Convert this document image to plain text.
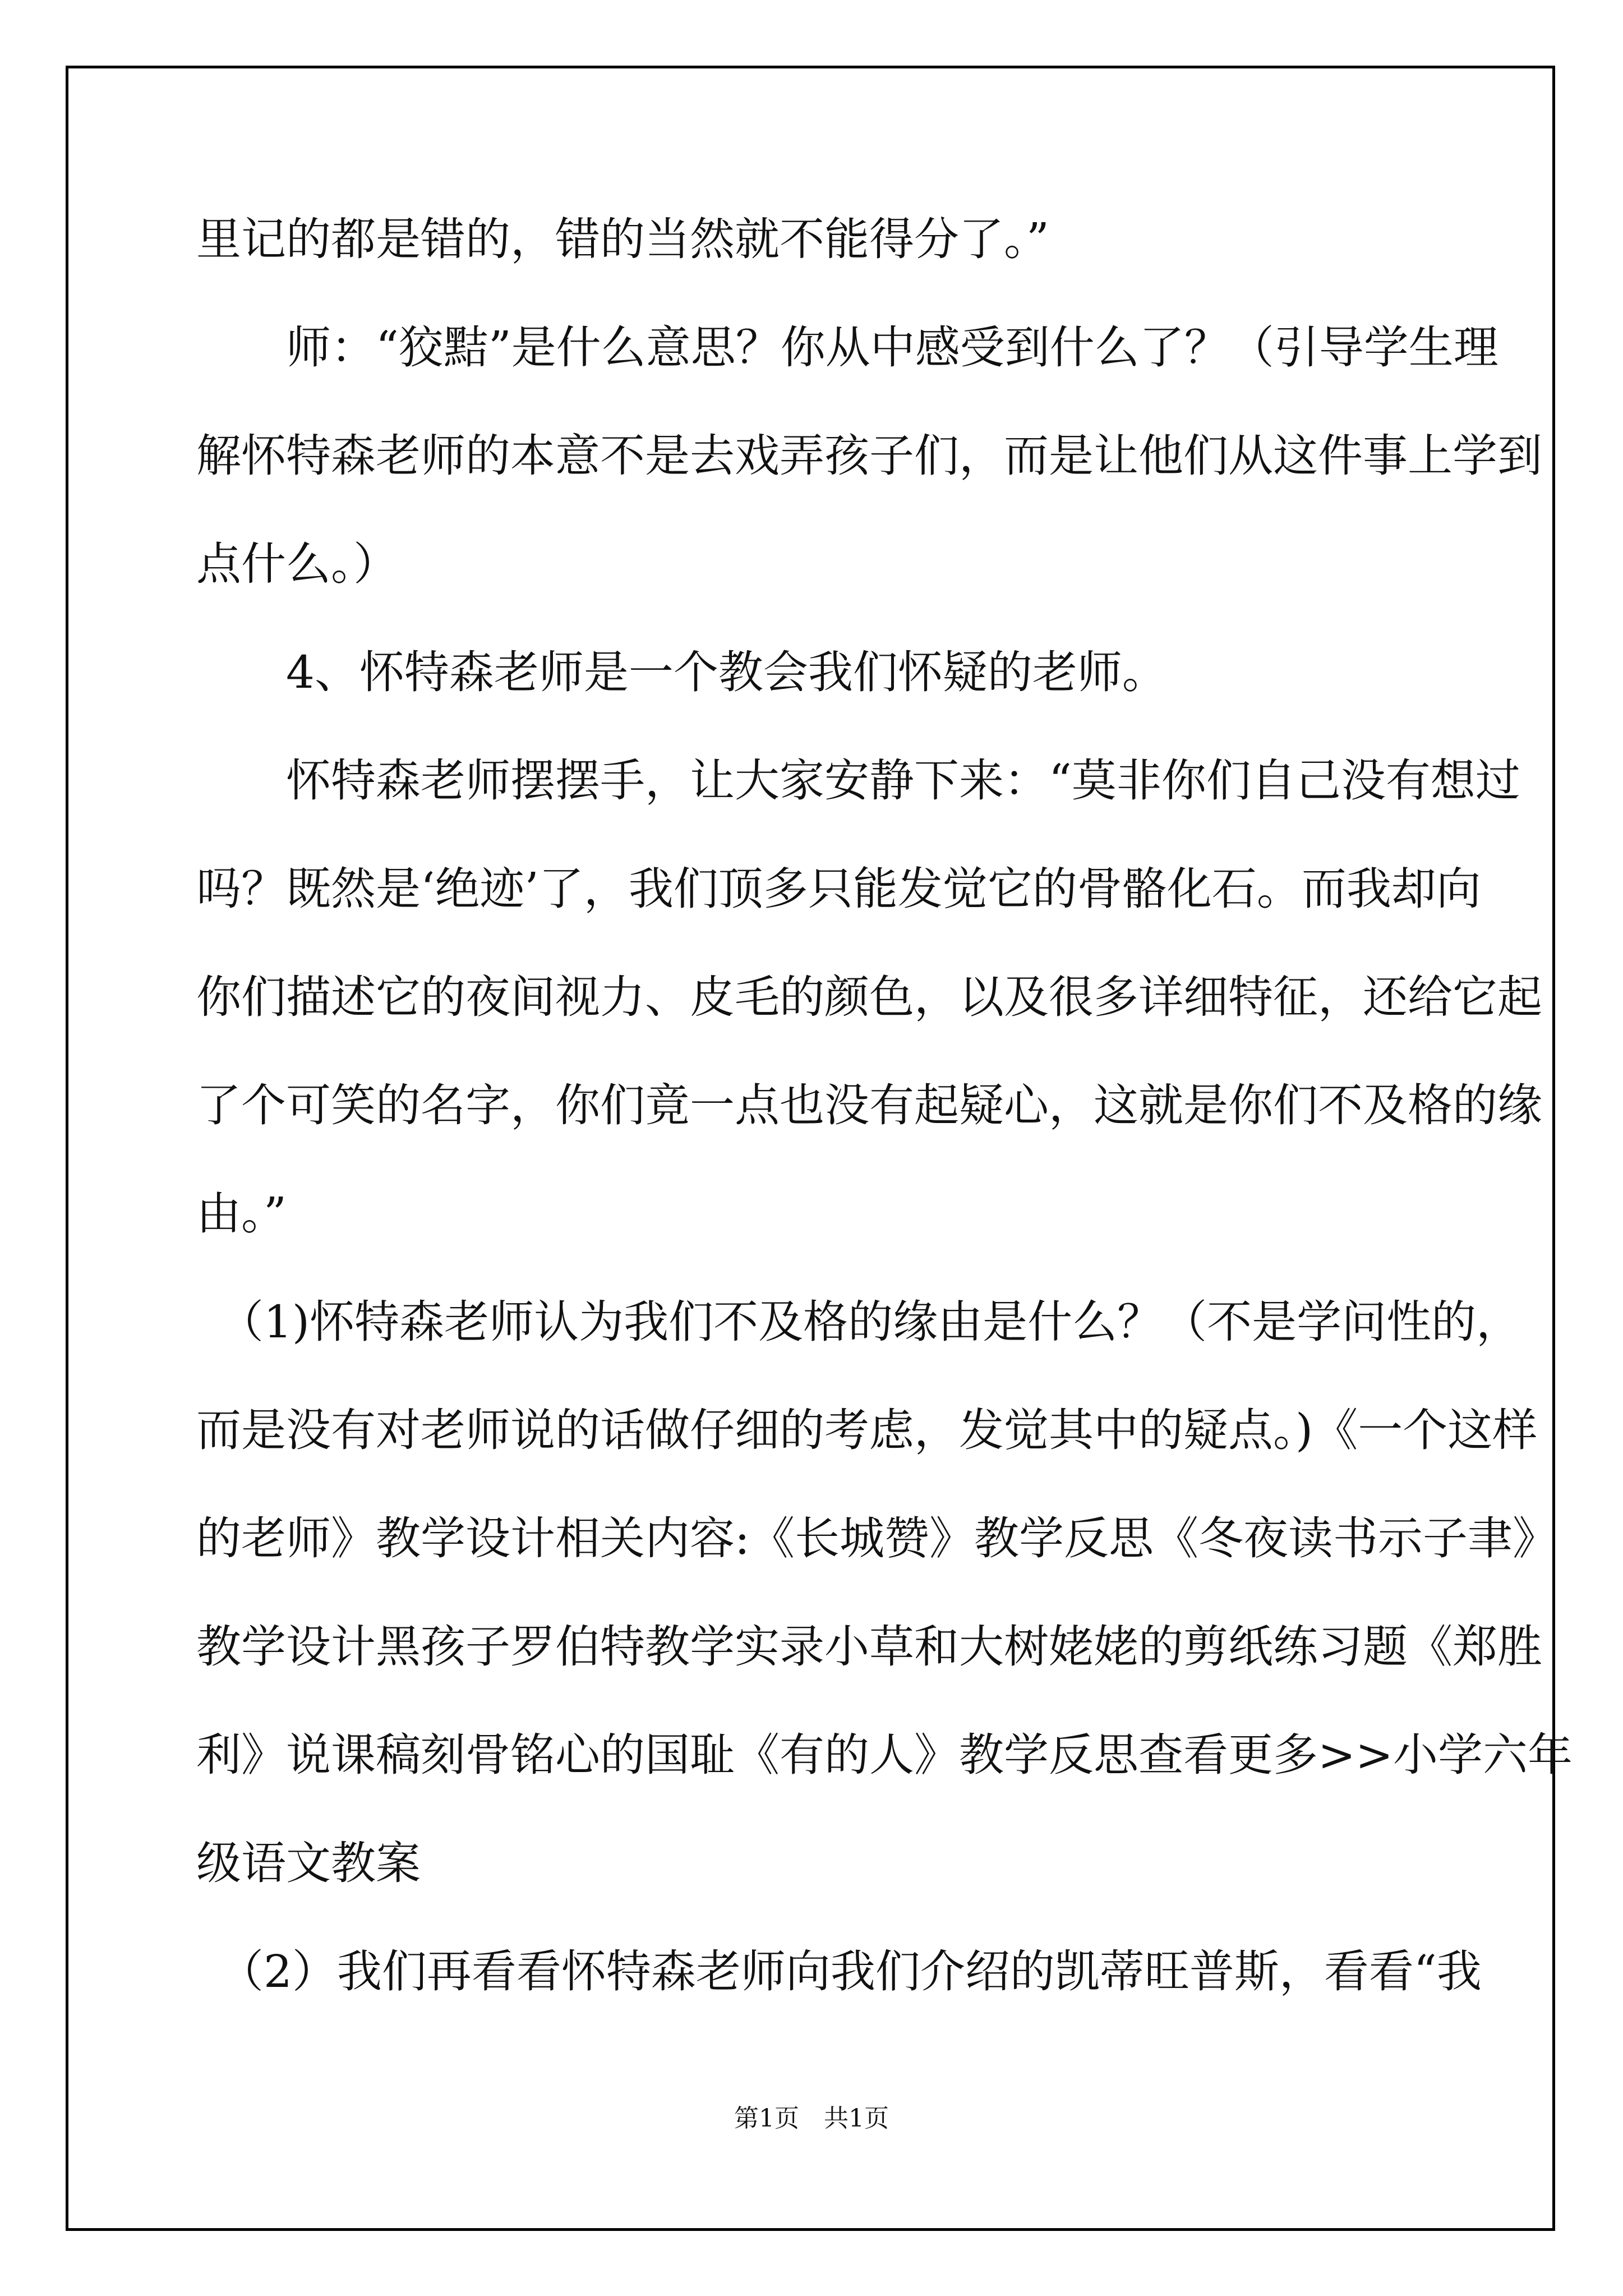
里记的都是错的，错的当然就不能得分了。”
　　师：“狡黠”是什么意思？你从中感受到什么了？（引导学生理
解怀特森老师的本意不是去戏弄孩子们，而是让他们从这件事上学到
点什么。）
　　4、怀特森老师是一个教会我们怀疑的老师。
　　怀特森老师摆摆手，让大家安静下来：“莫非你们自己没有想过
吗？既然是‘绝迹’了，我们顶多只能发觉它的骨骼化石。而我却向
你们描述它的夜间视力、皮毛的颜色，以及很多详细特征，还给它起
了个可笑的名字，你们竟一点也没有起疑心，这就是你们不及格的缘
由。”
　（1)怀特森老师认为我们不及格的缘由是什么？（不是学问性的，
而是没有对老师说的话做仔细的考虑，发觉其中的疑点。)《一个这样
的老师》教学设计相关内容:《长城赞》教学反思《冬夜读书示子聿》
教学设计黑孩子罗伯特教学实录小草和大树姥姥的剪纸练习题《郑胜
利》说课稿刻骨铭心的国耻《有的人》教学反思查看更多>>小学六年
级语文教案
　（2）我们再看看怀特森老师向我们介绍的凯蒂旺普斯，看看“我
第1页　共1页
